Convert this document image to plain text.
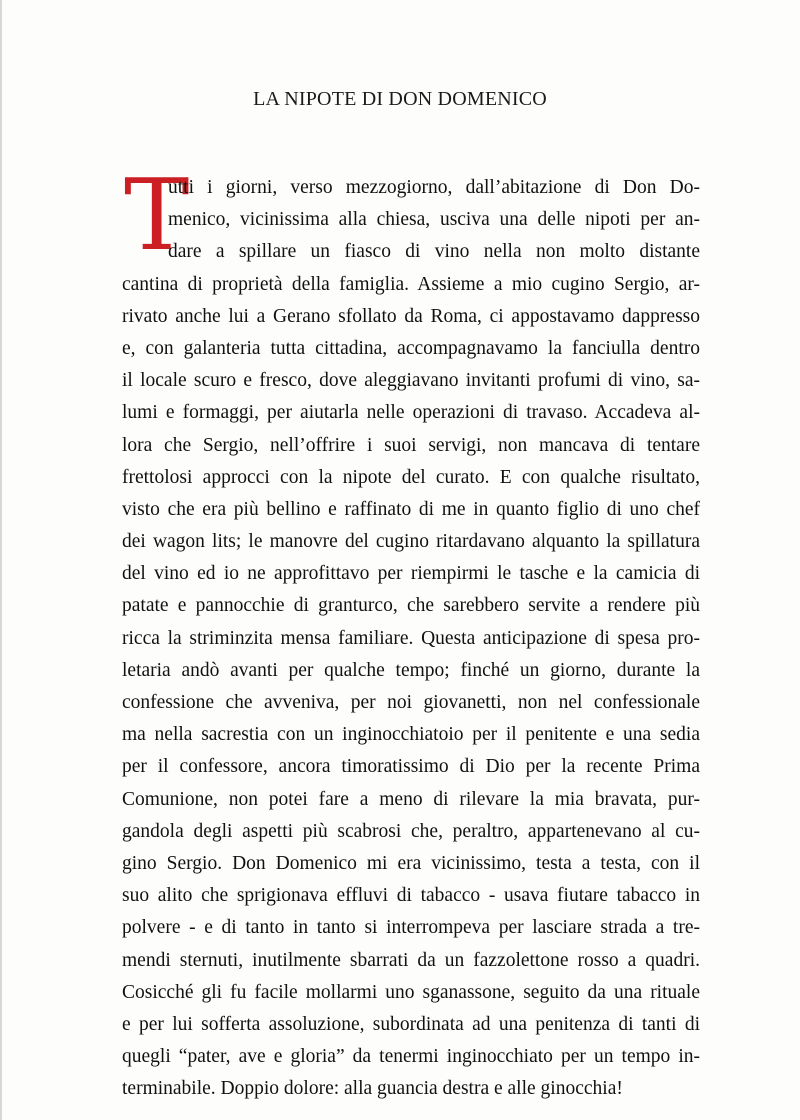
LA NIPOTE DI DON DOMENICO
T
utti i giorni, verso mezzogiorno, dall’abitazione di Don Do-
menico, vicinissima alla chiesa, usciva una delle nipoti per an-
dare a spillare un fiasco di vino nella non molto distante
cantina di proprietà della famiglia. Assieme a mio cugino Sergio, ar-
rivato anche lui a Gerano sfollato da Roma, ci appostavamo dappresso
e, con galanteria tutta cittadina, accompagnavamo la fanciulla dentro
il locale scuro e fresco, dove aleggiavano invitanti profumi di vino, sa-
lumi e formaggi, per aiutarla nelle operazioni di travaso. Accadeva al-
lora che Sergio, nell’offrire i suoi servigi, non mancava di tentare
frettolosi approcci con la nipote del curato. E con qualche risultato,
visto che era più bellino e raffinato di me in quanto figlio di uno chef
dei wagon lits; le manovre del cugino ritardavano alquanto la spillatura
del vino ed io ne approfittavo per riempirmi le tasche e la camicia di
patate e pannocchie di granturco, che sarebbero servite a rendere più
ricca la striminzita mensa familiare. Questa anticipazione di spesa pro-
letaria andò avanti per qualche tempo; finché un giorno, durante la
confessione che avveniva, per noi giovanetti, non nel confessionale
ma nella sacrestia con un inginocchiatoio per il penitente e una sedia
per il confessore, ancora timoratissimo di Dio per la recente Prima
Comunione, non potei fare a meno di rilevare la mia bravata, pur-
gandola degli aspetti più scabrosi che, peraltro, appartenevano al cu-
gino Sergio. Don Domenico mi era vicinissimo, testa a testa, con il
suo alito che sprigionava effluvi di tabacco - usava fiutare tabacco in
polvere - e di tanto in tanto si interrompeva per lasciare strada a tre-
mendi sternuti, inutilmente sbarrati da un fazzolettone rosso a quadri.
Cosicché gli fu facile mollarmi uno sganassone, seguito da una rituale
e per lui sofferta assoluzione, subordinata ad una penitenza di tanti di
quegli “pater, ave e gloria” da tenermi inginocchiato per un tempo in-
terminabile. Doppio dolore: alla guancia destra e alle ginocchia!
